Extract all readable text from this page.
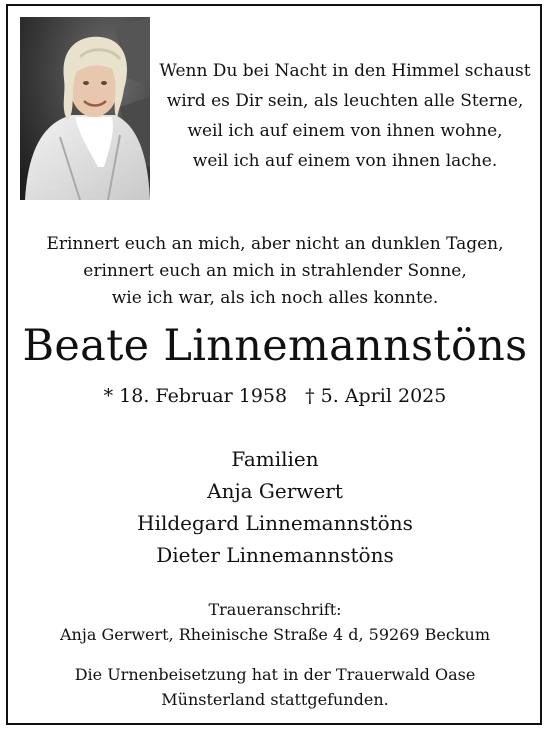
Wenn Du bei Nacht in den Himmel schaust
wird es Dir sein, als leuchten alle Sterne,
weil ich auf einem von ihnen wohne,
weil ich auf einem von ihnen lache.
Erinnert euch an mich, aber nicht an dunklen Tagen,
erinnert euch an mich in strahlender Sonne,
wie ich war, als ich noch alles konnte.
Beate Linnemannstöns
* 18. Februar 1958 † 5. April 2025
Familien
Anja Gerwert
Hildegard Linnemannstöns
Dieter Linnemannstöns
Traueranschrift:
Anja Gerwert, Rheinische Straße 4 d, 59269 Beckum
Die Urnenbeisetzung hat in der Trauerwald Oase
Münsterland stattgefunden.
